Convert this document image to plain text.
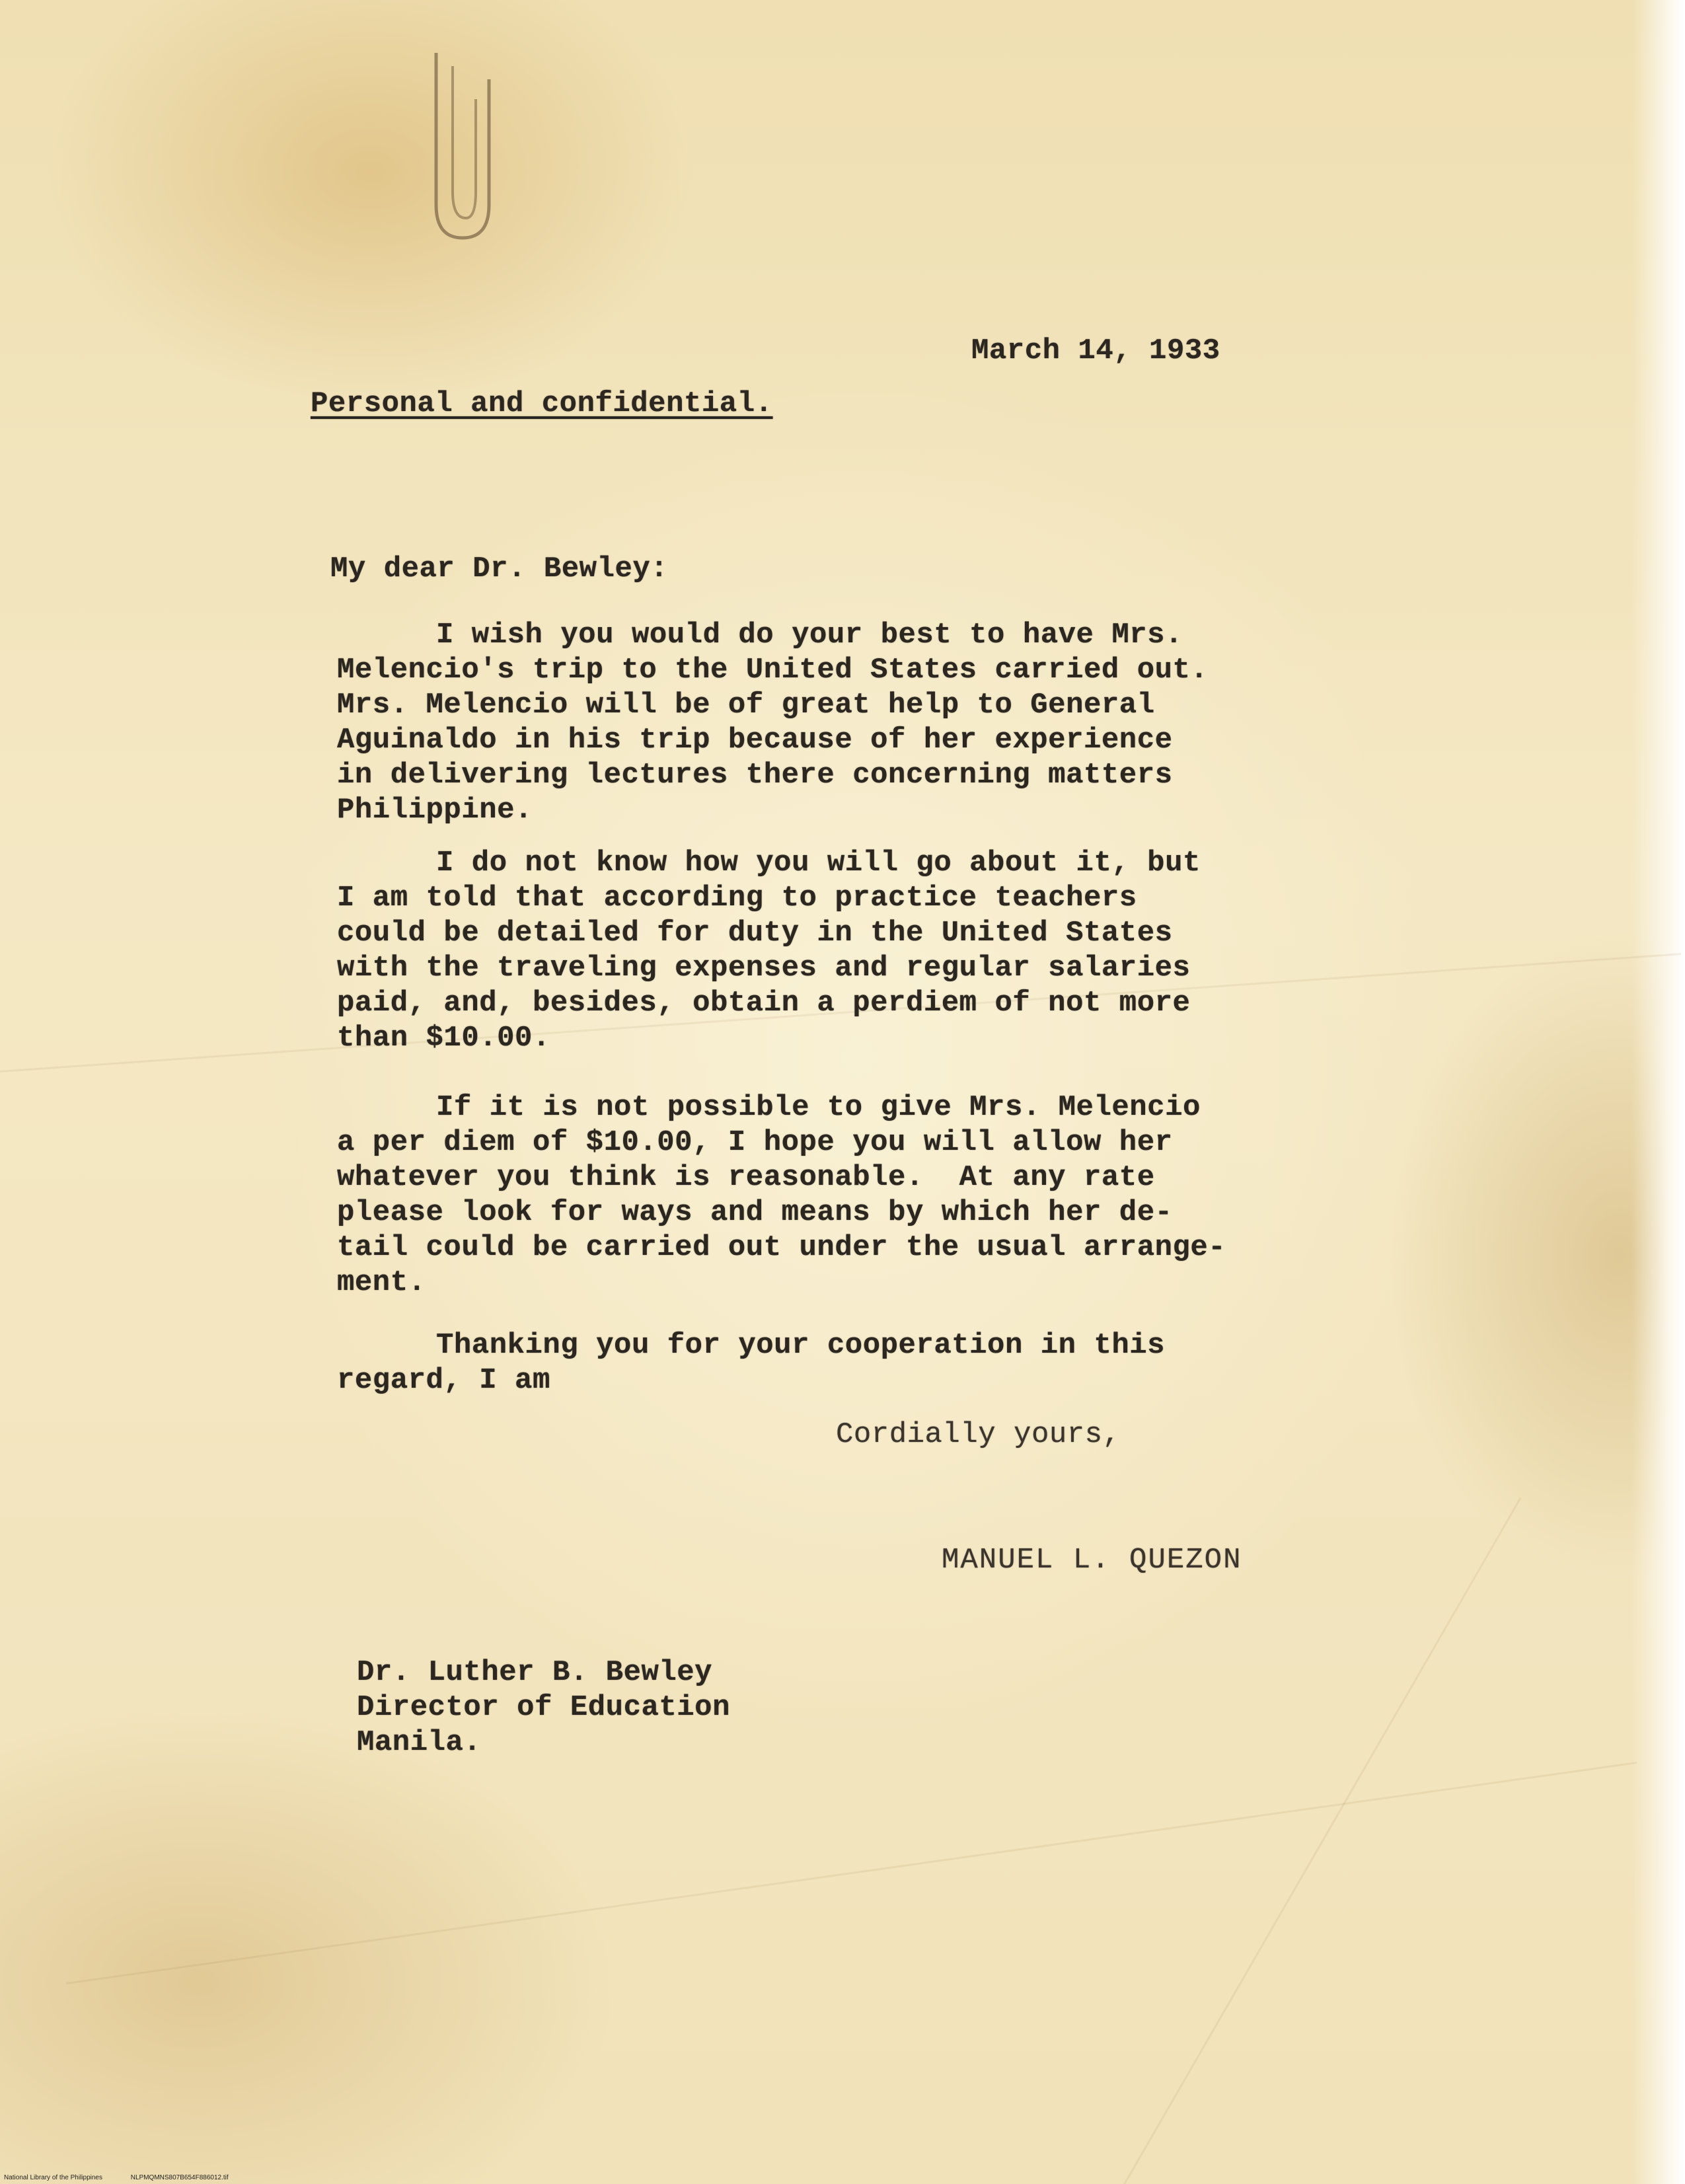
March 14, 1933
Personal and confidential.
My dear Dr. Bewley:
I wish you would do your best to have Mrs.
Melencio's trip to the United States carried out.
Mrs. Melencio will be of great help to General
Aguinaldo in his trip because of her experience
in delivering lectures there concerning matters
Philippine.
I do not know how you will go about it, but
I am told that according to practice teachers
could be detailed for duty in the United States
with the traveling expenses and regular salaries
paid, and, besides, obtain a perdiem of not more
than $10.00.
If it is not possible to give Mrs. Melencio
a per diem of $10.00, I hope you will allow her
whatever you think is reasonable.  At any rate
please look for ways and means by which her de-
tail could be carried out under the usual arrange-
ment.
Thanking you for your cooperation in this
regard, I am
Cordially yours,
MANUEL L. QUEZON
Dr. Luther B. Bewley
Director of Education
Manila.
National Library of the Philippines	NLPMQMNS807B654F886012.tif
